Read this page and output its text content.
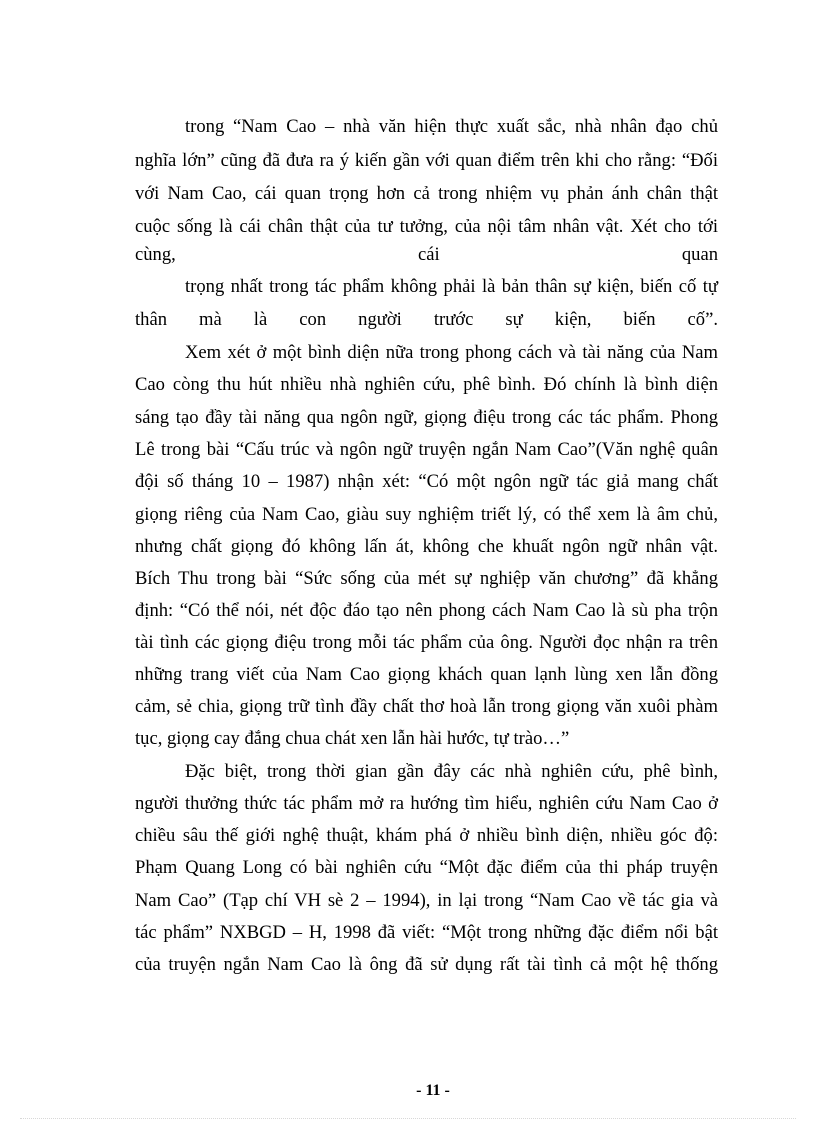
trong “Nam Cao – nhà văn hiện thực xuất sắc, nhà nhân đạo chủ
nghĩa lớn” cũng đã đưa ra ý kiến gần với quan điểm trên khi cho rằng: “Đối
với Nam Cao, cái quan trọng hơn cả trong nhiệm vụ phản ánh chân thật
cuộc sống là cái chân thật của tư tưởng, của nội tâm nhân vật. Xét cho tới
cùng, cái quan
trọng nhất trong tác phẩm không phải là bản thân sự kiện, biến cố tự
thân mà là con người trước sự kiện, biến cố”.
Xem xét ở một bình diện nữa trong phong cách và tài năng của Nam
Cao còng thu hút nhiều nhà nghiên cứu, phê bình. Đó chính là bình diện
sáng tạo đầy tài năng qua ngôn ngữ, giọng điệu trong các tác phẩm. Phong
Lê trong bài “Cấu trúc và ngôn ngữ truyện ngắn Nam Cao”(Văn nghệ quân
đội số tháng 10 – 1987) nhận xét: “Có một ngôn ngữ tác giả mang chất
giọng riêng của Nam Cao, giàu suy nghiệm triết lý, có thể xem là âm chủ,
nhưng chất giọng đó không lấn át, không che khuất ngôn ngữ nhân vật.
Bích Thu trong bài “Sức sống của mét sự nghiệp văn chương” đã khẳng
định: “Có thể nói, nét độc đáo tạo nên phong cách Nam Cao là sù pha trộn
tài tình các giọng điệu trong mỗi tác phẩm của ông. Người đọc nhận ra trên
những trang viết của Nam Cao giọng khách quan lạnh lùng xen lẫn đồng
cảm, sẻ chia, giọng trữ tình đầy chất thơ hoà lẫn trong giọng văn xuôi phàm
tục, giọng cay đắng chua chát xen lẫn hài hước, tự trào…”
Đặc biệt, trong thời gian gần đây các nhà nghiên cứu, phê bình,
người thưởng thức tác phẩm mở ra hướng tìm hiểu, nghiên cứu Nam Cao ở
chiều sâu thế giới nghệ thuật, khám phá ở nhiều bình diện, nhiều góc độ:
Phạm Quang Long có bài nghiên cứu “Một đặc điểm của thi pháp truyện
Nam Cao” (Tạp chí VH sè 2 – 1994), in lại trong “Nam Cao về tác gia và
tác phẩm” NXBGD – H, 1998 đã viết: “Một trong những đặc điểm nổi bật
của truyện ngắn Nam Cao là ông đã sử dụng rất tài tình cả một hệ thống
- 11 -
